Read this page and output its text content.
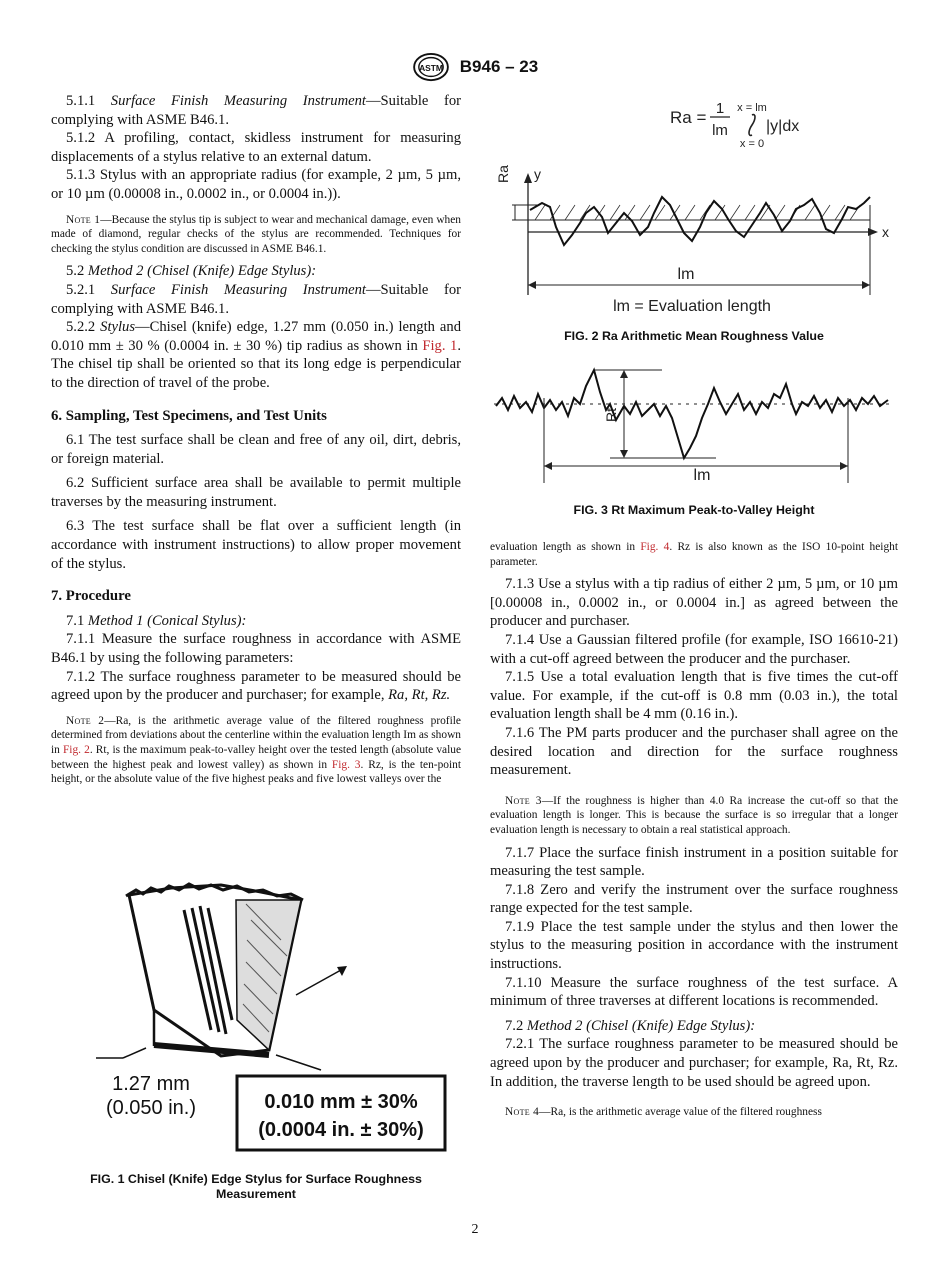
ASTM B946 – 23

5.1.1 Surface Finish Measuring Instrument—Suitable for complying with ASME B46.1.

5.1.2 A profiling, contact, skidless instrument for measuring displacements of a stylus relative to an external datum.

5.1.3 Stylus with an appropriate radius (for example, 2 µm, 5 µm, or 10 µm (0.00008 in., 0.0002 in., or 0.0004 in.)).

Note 1—Because the stylus tip is subject to wear and mechanical damage, even when made of diamond, regular checks of the stylus are recommended. Techniques for checking the stylus condition are discussed in ASME B46.1.

5.2 Method 2 (Chisel (Knife) Edge Stylus):

5.2.1 Surface Finish Measuring Instrument—Suitable for complying with ASME B46.1.

5.2.2 Stylus—Chisel (knife) edge, 1.27 mm (0.050 in.) length and 0.010 mm ± 30 % (0.0004 in. ± 30 %) tip radius as shown in Fig. 1. The chisel tip shall be oriented so that its long edge is perpendicular to the direction of travel of the probe.

6. Sampling, Test Specimens, and Test Units

6.1 The test surface shall be clean and free of any oil, dirt, debris, or foreign material.

6.2 Sufficient surface area shall be available to permit multiple traverses by the measuring instrument.

6.3 The test surface shall be flat over a sufficient length (in accordance with instrument instructions) to allow proper movement of the stylus.

7. Procedure

7.1 Method 1 (Conical Stylus):

7.1.1 Measure the surface roughness in accordance with ASME B46.1 by using the following parameters:

7.1.2 The surface roughness parameter to be measured should be agreed upon by the producer and purchaser; for example, Ra, Rt, Rz.

Note 2—Ra, is the arithmetic average value of the filtered roughness profile determined from deviations about the centerline within the evaluation length Im as shown in Fig. 2. Rt, is the maximum peak-to-valley height over the tested length (absolute value between the highest peak and lowest valley) as shown in Fig. 3. Rz, is the ten-point height, or the absolute value of the five highest peaks and five lowest valleys over the
1.27 mm
(0.050 in.)	0.010 mm ± 30%
(0.0004 in. ± 30%)
FIG. 1 Chisel (Knife) Edge Stylus for Surface Roughness Measurement
Ra = 1
lm
x = lm
x = 0
|y|dx
y
Ra
x
lm
lm = Evaluation length
FIG. 2 Ra Arithmetic Mean Roughness Value
Rt
lm
FIG. 3 Rt Maximum Peak-to-Valley Height
evaluation length as shown in Fig. 4. Rz is also known as the ISO 10-point height parameter.

7.1.3 Use a stylus with a tip radius of either 2 µm, 5 µm, or 10 µm [0.00008 in., 0.0002 in., or 0.0004 in.] as agreed between the producer and purchaser.

7.1.4 Use a Gaussian filtered profile (for example, ISO 16610-21) with a cut-off agreed between the producer and the purchaser.

7.1.5 Use a total evaluation length that is five times the cut-off value. For example, if the cut-off is 0.8 mm (0.03 in.), the total evaluation length shall be 4 mm (0.16 in.).

7.1.6 The PM parts producer and the purchaser shall agree on the desired location and direction for the surface roughness measurement.

Note 3—If the roughness is higher than 4.0 Ra increase the cut-off so that the evaluation length is longer. This is because the surface is so irregular that a longer evaluation length is necessary to obtain a real statistical approach.

7.1.7 Place the surface finish instrument in a position suitable for measuring the test sample.

7.1.8 Zero and verify the instrument over the surface roughness range expected for the test sample.

7.1.9 Place the test sample under the stylus and then lower the stylus to the measuring position in accordance with the instrument instructions.

7.1.10 Measure the surface roughness of the test surface. A minimum of three traverses at different locations is recommended.

7.2 Method 2 (Chisel (Knife) Edge Stylus):

7.2.1 The surface roughness parameter to be measured should be agreed upon by the producer and purchaser; for example, Ra, Rt, Rz. In addition, the traverse length to be used should be agreed upon.

Note 4—Ra, is the arithmetic average value of the filtered roughness
2
